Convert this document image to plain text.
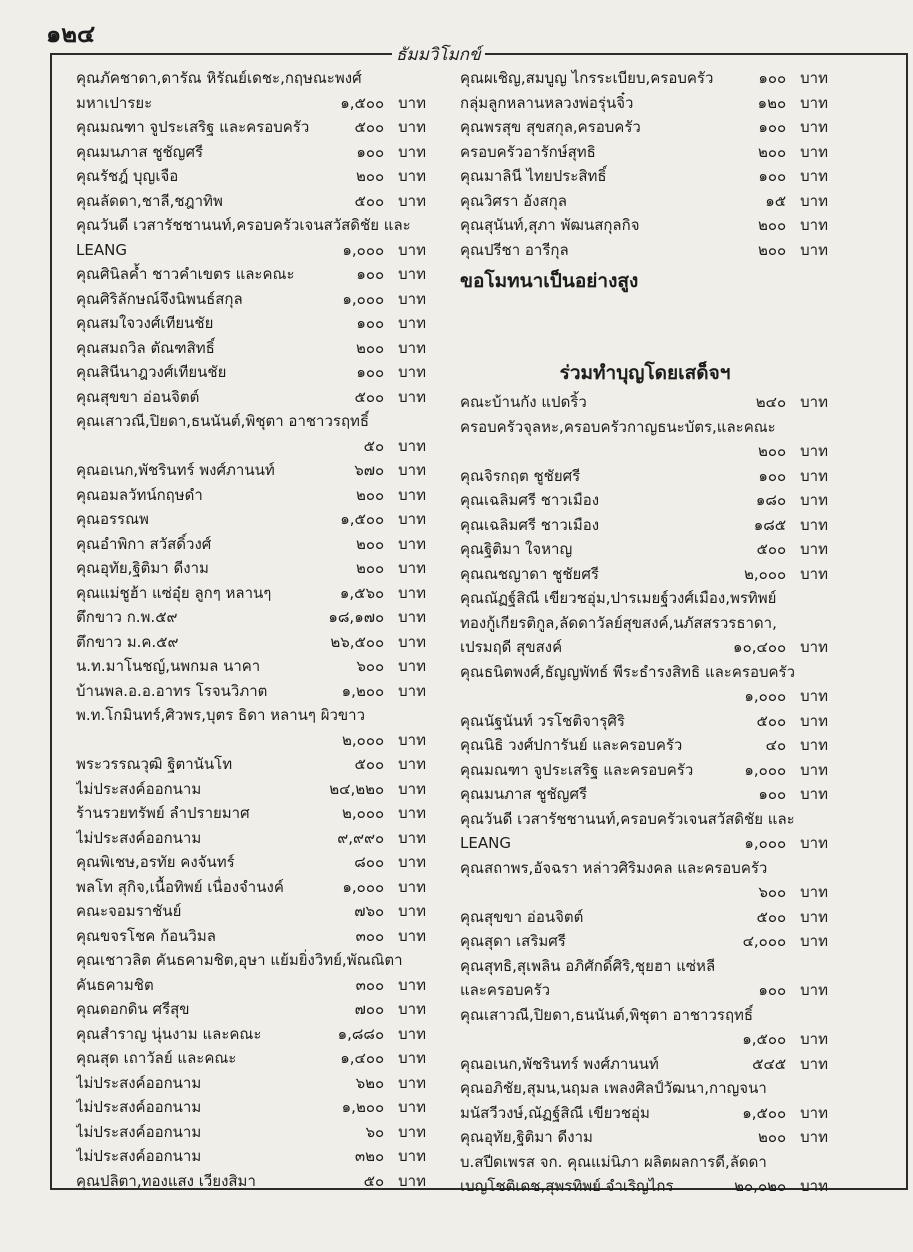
๑๒๔
ธัมมวิโมกข์
คุณภัคชาดา,ดารัณ หิรัณย์เดชะ,กฤษณะพงศ์
มหาเปารยะ	๑,๕๐๐ บาท
คุณมณฑา จูประเสริฐ และครอบครัว	๕๐๐ บาท
คุณมนภาส ชูชัญศรี	๑๐๐ บาท
คุณรัชฎ์ บุญเจือ	๒๐๐ บาท
คุณลัดดา,ชาลี,ชฎาทิพ	๕๐๐ บาท
คุณวันดี เวสารัชชานนท์,ครอบครัวเจนสวัสดิชัย และ
LEANG	๑,๐๐๐ บาท
คุณศินิลค้ำ ชาวคำเขตร และคณะ	๑๐๐ บาท
คุณศิริลักษณ์จึงนิพนธ์สกุล	๑,๐๐๐ บาท
คุณสมใจวงศ์เทียนชัย	๑๐๐ บาท
คุณสมถวิล ตัณฑสิทธิ์	๒๐๐ บาท
คุณสินีนาฎวงศ์เทียนชัย	๑๐๐ บาท
คุณสุขขา อ่อนจิตต์	๕๐๐ บาท
คุณเสาวณี,ปิยดา,ธนนันต์,พิชุตา อาชาวรฤทธิ์
๕๐ บาท
คุณอเนก,พัชรินทร์ พงศ์ภานนท์	๖๗๐ บาท
คุณอมลวัทน์กฤษดำ	๒๐๐ บาท
คุณอรรณพ	๑,๕๐๐ บาท
คุณอำพิกา สวัสดิ์วงศ์	๒๐๐ บาท
คุณอุทัย,ฐิติมา ดีงาม	๒๐๐ บาท
คุณแม่ชูฮ้า แซ่อุ๋ย ลูกๆ หลานๆ	๑,๕๖๐ บาท
ตึกขาว ก.พ.๕๙	๑๘,๑๗๐ บาท
ตึกขาว ม.ค.๕๙	๒๖,๕๐๐ บาท
น.ท.มาโนชญ์,นพกมล นาคา	๖๐๐ บาท
บ้านพล.อ.อ.อาทร โรจนวิภาต	๑,๒๐๐ บาท
พ.ท.โกมินทร์,ศิวพร,บุตร ธิดา หลานๆ ผิวขาว
๒,๐๐๐ บาท
พระวรรณวุฒิ ฐิตานันโท	๕๐๐ บาท
ไม่ประสงค์ออกนาม	๒๔,๒๒๐ บาท
ร้านรวยทรัพย์ ลำปรายมาศ	๒,๐๐๐ บาท
ไม่ประสงค์ออกนาม	๙,๙๙๐ บาท
คุณพิเชษ,อรทัย คงจันทร์	๘๐๐ บาท
พลโท สุกิจ,เนื้อทิพย์ เนื่องจำนงค์	๑,๐๐๐ บาท
คณะจอมราชันย์	๗๖๐ บาท
คุณขจรโชค ก้อนวิมล	๓๐๐ บาท
คุณเชาวลิต คันธคามชิต,อุษา แย้มยิ่งวิทย์,พัณณิตา
คันธคามชิต	๓๐๐ บาท
คุณดอกดิน ศรีสุข	๗๐๐ บาท
คุณสำราญ นุ่นงาม และคณะ	๑,๘๘๐ บาท
คุณสุด เถาวัลย์ และคณะ	๑,๔๐๐ บาท
ไม่ประสงค์ออกนาม	๖๒๐ บาท
ไม่ประสงค์ออกนาม	๑,๒๐๐ บาท
ไม่ประสงค์ออกนาม	๖๐ บาท
ไม่ประสงค์ออกนาม	๓๒๐ บาท
คุณปลิตา,ทองแสง เวียงสิมา	๕๐ บาท
คุณผเชิญ,สมบูญ ไกรระเบียบ,ครอบครัว	๑๐๐ บาท
กลุ่มลูกหลานหลวงพ่อรุ่นจิ๋ว	๑๒๐ บาท
คุณพรสุข สุขสกุล,ครอบครัว	๑๐๐ บาท
ครอบครัวอารักษ์สุทธิ	๒๐๐ บาท
คุณมาลินี ไทยประสิทธิ์	๑๐๐ บาท
คุณวิศรา อังสกุล	๑๕ บาท
คุณสุนันท์,สุภา พัฒนสกุลกิจ	๒๐๐ บาท
คุณปรีชา อารีกุล	๒๐๐ บาท
ขอโมทนาเป็นอย่างสูง
ร่วมทำบุญโดยเสด็จฯ
คณะบ้านกัง แปดริ้ว	๒๔๐ บาท
ครอบครัวจุลหะ,ครอบครัวกาญธนะบัตร,และคณะ
๒๐๐ บาท
คุณจิรกฤต ชูชัยศรี	๑๐๐ บาท
คุณเฉลิมศรี ชาวเมือง	๑๘๐ บาท
คุณเฉลิมศรี ชาวเมือง	๑๘๕ บาท
คุณฐิติมา ใจหาญ	๕๐๐ บาท
คุณณชญาดา ชูชัยศรี	๒,๐๐๐ บาท
คุณณัฏฐ์สิณี เขียวชอุ่ม,ปารเมยฐ์วงศ์เมือง,พรทิพย์
ทองกู้เกียรติกูล,ลัดดาวัลย์สุขสงค์,นภัสสรวรธาดา,
เปรมฤดี สุขสงค์	๑๐,๔๐๐ บาท
คุณธนิตพงศ์,ธัญญพัทธ์ พีระธำรงสิทธิ และครอบครัว
๑,๐๐๐ บาท
คุณนัฐนันท์ วรโชติจารุศิริ	๕๐๐ บาท
คุณนิธิ วงศ์ปการันย์ และครอบครัว	๔๐ บาท
คุณมณฑา จูประเสริฐ และครอบครัว	๑,๐๐๐ บาท
คุณมนภาส ชูชัญศรี	๑๐๐ บาท
คุณวันดี เวสารัชชานนท์,ครอบครัวเจนสวัสดิชัย และ
LEANG	๑,๐๐๐ บาท
คุณสถาพร,อัจฉรา หล่าวศิริมงคล และครอบครัว
๖๐๐ บาท
คุณสุขขา อ่อนจิตต์	๕๐๐ บาท
คุณสุดา เสริมศรี	๔,๐๐๐ บาท
คุณสุทธิ,สุเพลิน อภิศักดิ์ศิริ,ชุยฮา แซ่หลี
และครอบครัว	๑๐๐ บาท
คุณเสาวณี,ปิยดา,ธนนันต์,พิชุตา อาชาวรฤทธิ์
๑,๕๐๐ บาท
คุณอเนก,พัชรินทร์ พงศ์ภานนท์	๕๔๕ บาท
คุณอภิชัย,สุมน,นฤมล เพลงศิลป์วัฒนา,กาญจนา
มนัสวีวงษ์,ณัฏฐ์สิณี เขียวชอุ่ม	๑,๕๐๐ บาท
คุณอุทัย,ฐิติมา ดีงาม	๒๐๐ บาท
บ.สปีดเพรส จก. คุณแม่นิภา ผลิตผลการดี,ลัดดา
เบญโชติเดช,สุพรทิพย์ จำเริญไกร	๒๐,๐๒๐ บาท
